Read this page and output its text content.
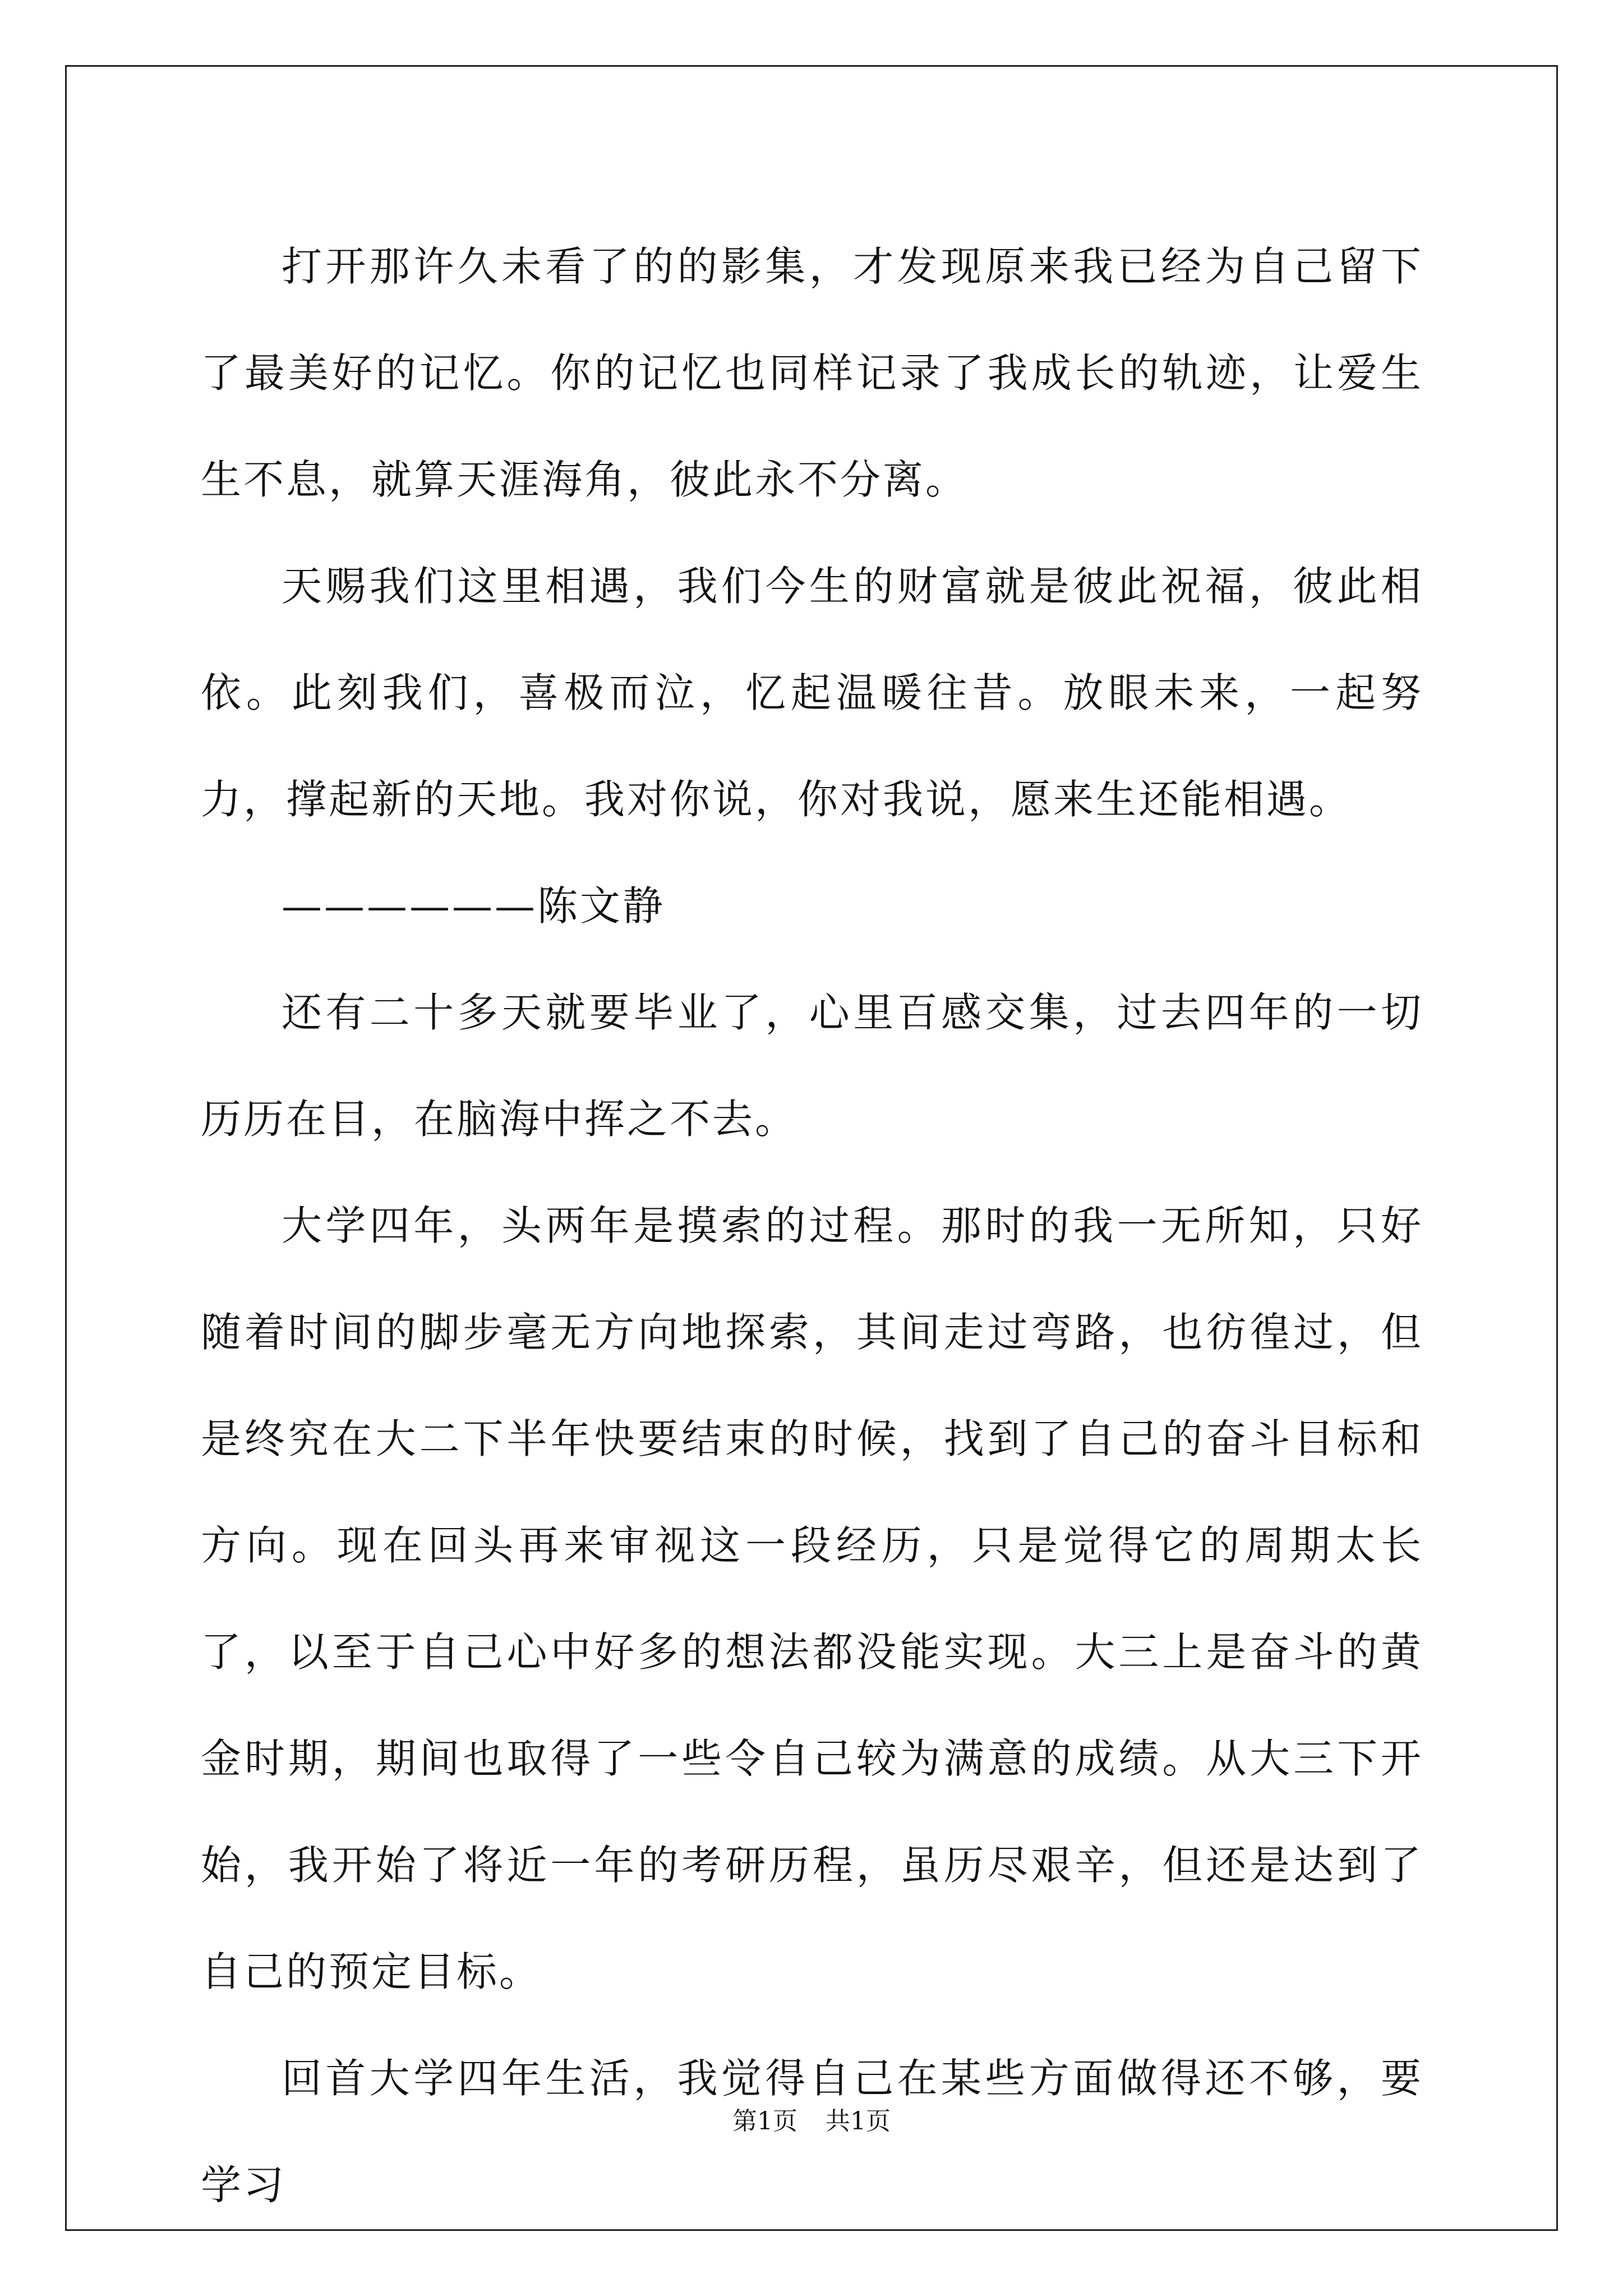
打开那许久未看了的的影集，才发现原来我已经为自己留下了最美好的记忆。你的记忆也同样记录了我成长的轨迹，让爱生生不息，就算天涯海角，彼此永不分离。

天赐我们这里相遇，我们今生的财富就是彼此祝福，彼此相依。此刻我们，喜极而泣，忆起温暖往昔。放眼未来，一起努力，撑起新的天地。我对你说，你对我说，愿来生还能相遇。

——————陈文静

还有二十多天就要毕业了，心里百感交集，过去四年的一切历历在目，在脑海中挥之不去。

大学四年，头两年是摸索的过程。那时的我一无所知，只好随着时间的脚步毫无方向地探索，其间走过弯路，也彷徨过，但是终究在大二下半年快要结束的时候，找到了自己的奋斗目标和方向。现在回头再来审视这一段经历，只是觉得它的周期太长了，以至于自己心中好多的想法都没能实现。大三上是奋斗的黄金时期，期间也取得了一些令自己较为满意的成绩。从大三下开始，我开始了将近一年的考研历程，虽历尽艰辛，但还是达到了自己的预定目标。

回首大学四年生活，我觉得自己在某些方面做得还不够，要学习

第1页 共1页
